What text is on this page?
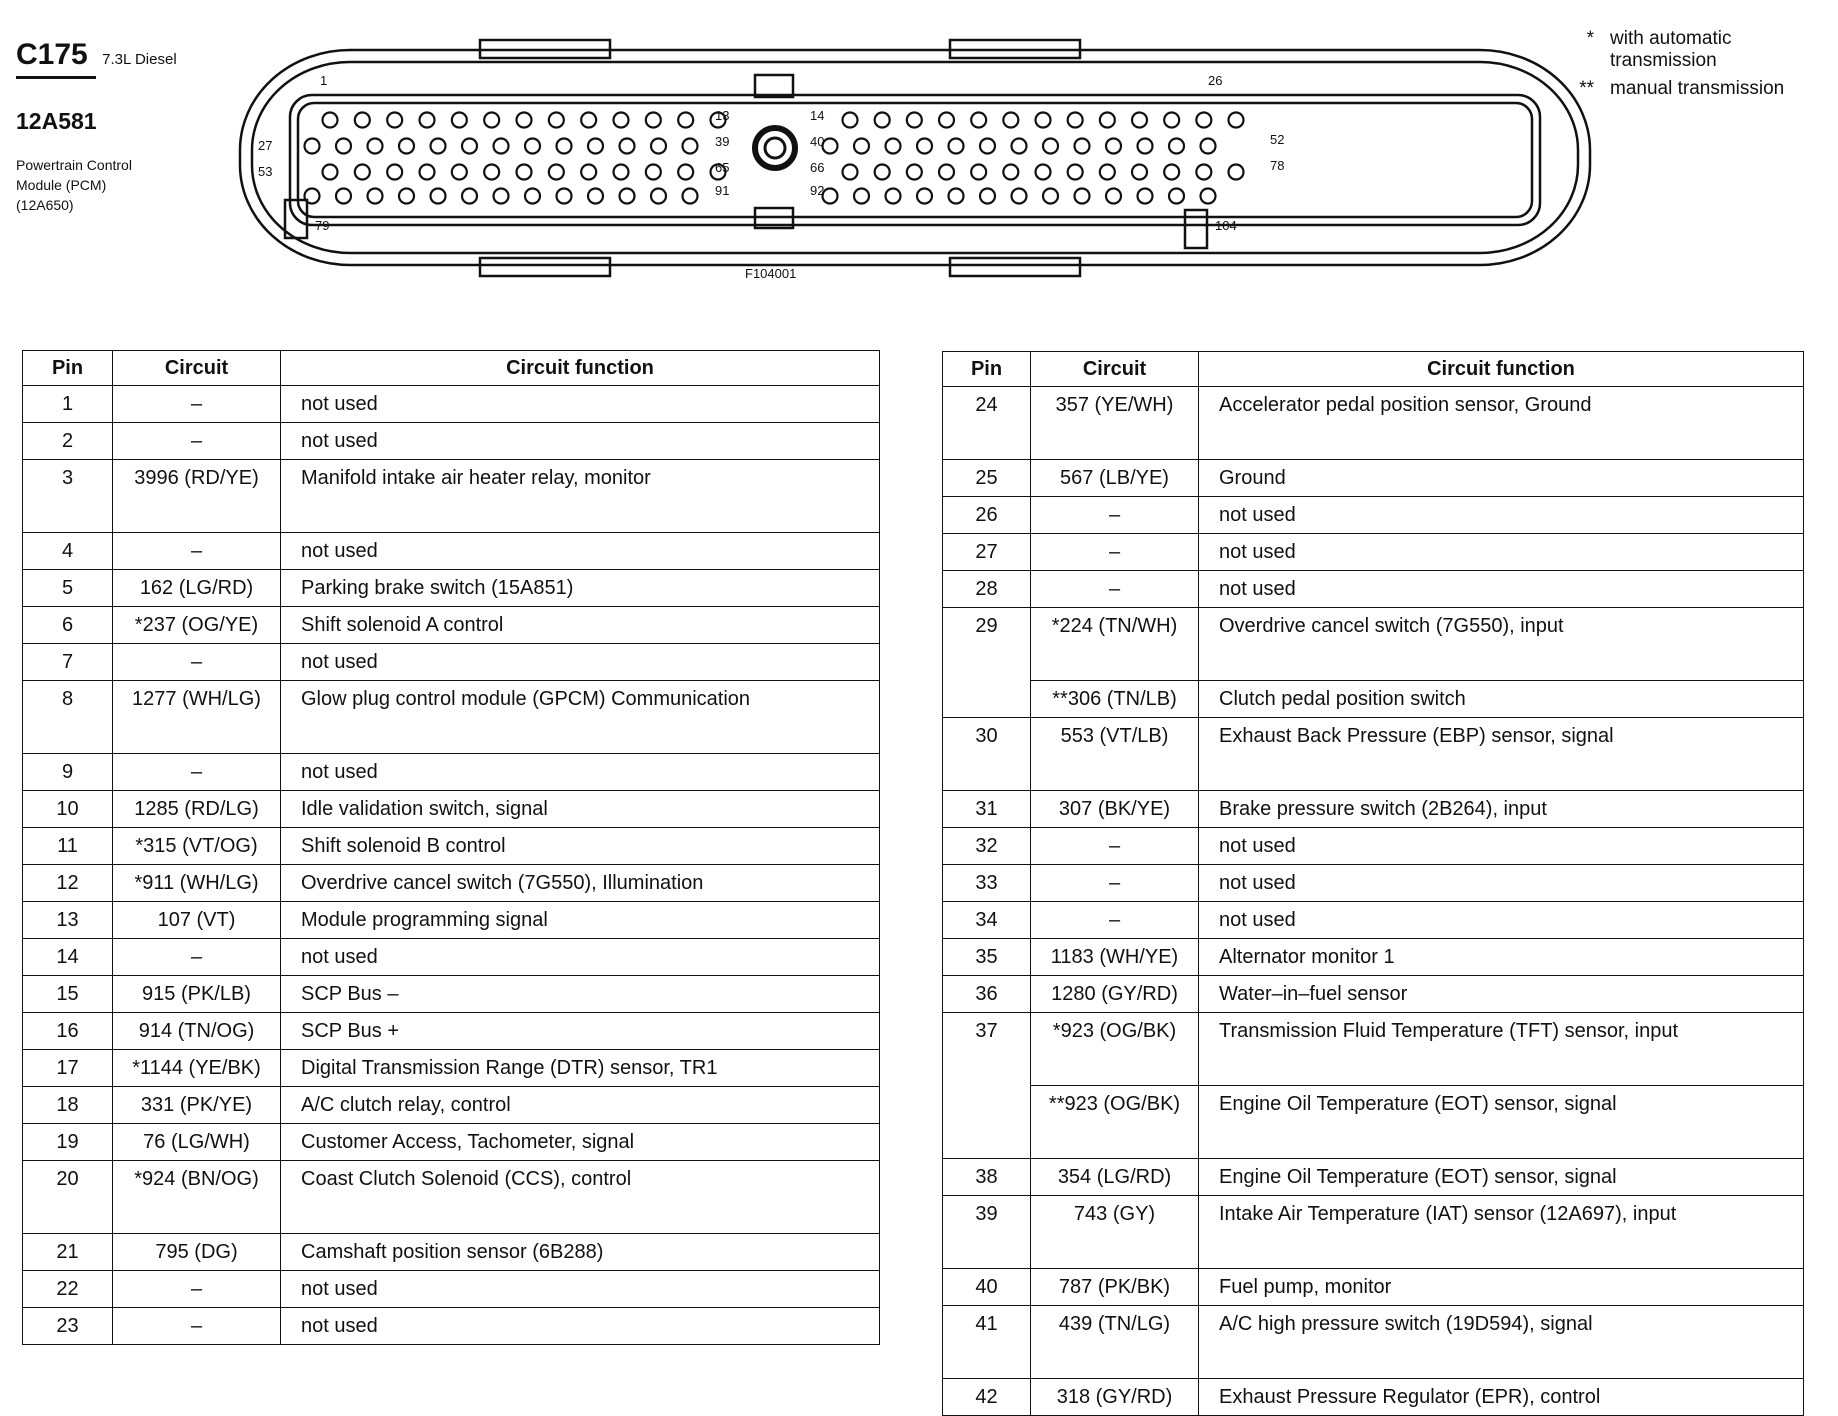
C175 7.3L Diesel
12A581
Powertrain Control
Module (PCM)
(12A650)
* with automatic transmission
** manual transmission
1
13	14
26
27	39	40	52
53	65	66	78
79
91	92
104
F104001
Pin	Circuit	Circuit function
1	–	not used
2	–	not used
3	3996 (RD/YE)	Manifold intake air heater relay, monitor
4	–	not used
5	162 (LG/RD)	Parking brake switch (15A851)
6	*237 (OG/YE)	Shift solenoid A control
7	–	not used
8	1277 (WH/LG)	Glow plug control module (GPCM) Communication
9	–	not used
10	1285 (RD/LG)	Idle validation switch, signal
11	*315 (VT/OG)	Shift solenoid B control
12	*911 (WH/LG)	Overdrive cancel switch (7G550), Illumination
13	107 (VT)	Module programming signal
14	–	not used
15	915 (PK/LB)	SCP Bus –
16	914 (TN/OG)	SCP Bus +
17	*1144 (YE/BK)	Digital Transmission Range (DTR) sensor, TR1
18	331 (PK/YE)	A/C clutch relay, control
19	76 (LG/WH)	Customer Access, Tachometer, signal
20	*924 (BN/OG)	Coast Clutch Solenoid (CCS), control
21	795 (DG)	Camshaft position sensor (6B288)
22	–	not used
23	–	not used
Pin	Circuit	Circuit function
24	357 (YE/WH)	Accelerator pedal position sensor, Ground
25	567 (LB/YE)	Ground
26	–	not used
27	–	not used
28	–	not used
29	*224 (TN/WH)	Overdrive cancel switch (7G550), input
	**306 (TN/LB)	Clutch pedal position switch
30	553 (VT/LB)	Exhaust Back Pressure (EBP) sensor, signal
31	307 (BK/YE)	Brake pressure switch (2B264), input
32	–	not used
33	–	not used
34	–	not used
35	1183 (WH/YE)	Alternator monitor 1
36	1280 (GY/RD)	Water–in–fuel sensor
37	*923 (OG/BK)	Transmission Fluid Temperature (TFT) sensor, input
	**923 (OG/BK)	Engine Oil Temperature (EOT) sensor, signal
38	354 (LG/RD)	Engine Oil Temperature (EOT) sensor, signal
39	743 (GY)	Intake Air Temperature (IAT) sensor (12A697), input
40	787 (PK/BK)	Fuel pump, monitor
41	439 (TN/LG)	A/C high pressure switch (19D594), signal
42	318 (GY/RD)	Exhaust Pressure Regulator (EPR), control
